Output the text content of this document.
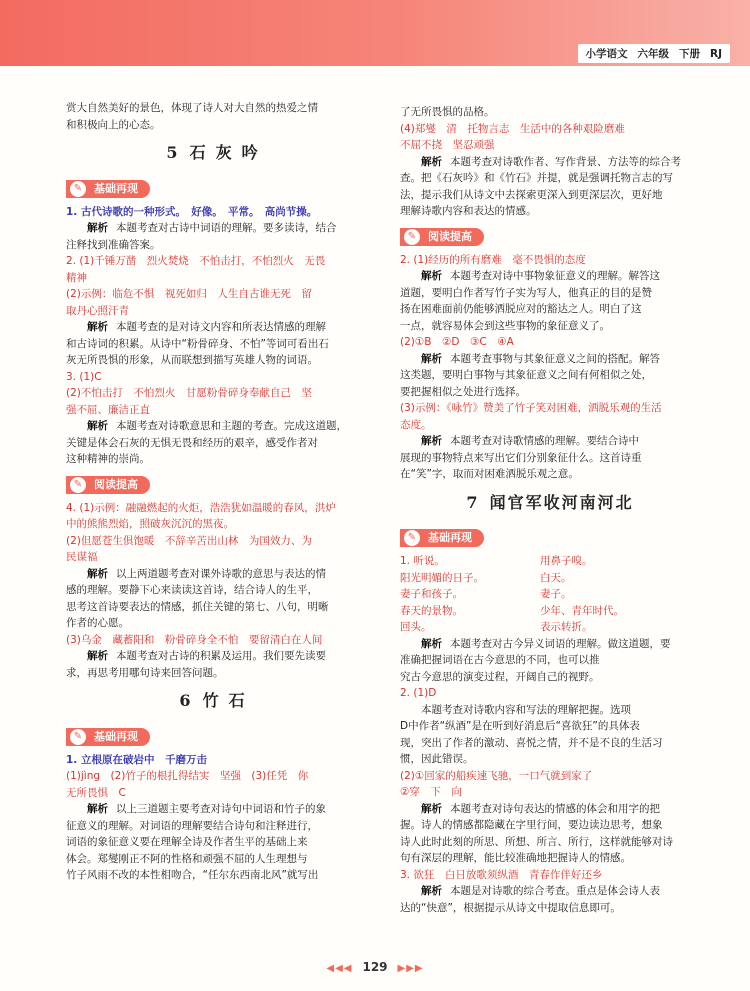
小学语文 六年级 下册 RJ

赏大自然美好的景色，体现了诗人对大自然的热爱之情

和积极向上的心态。

5 石灰吟
✎	基础再现

1. 古代诗歌的一种形式。　好像。　平常。　高尚节操。

解析 本题考查对古诗中词语的理解。要多读诗，结合

注释找到准确答案。

2. (1)千锤万凿　烈火焚烧　不怕击打，不怕烈火　无畏

精神

(2)示例：临危不惧　视死如归　人生自古谁无死　留

取丹心照汗青

解析 本题考查的是对诗文内容和所表达情感的理解

和古诗词的积累。从诗中“粉骨碎身、不怕”等词可看出石

灰无所畏惧的形象，从而联想到描写英雄人物的词语。

3. (1)C

(2)不怕击打　不怕烈火　甘愿粉骨碎身奉献自己　坚

强不屈、廉洁正直

解析 本题考查对诗歌意思和主题的考查。完成这道题，

关键是体会石灰的无惧无畏和经历的艰辛，感受作者对

这种精神的崇尚。

✎	阅读提高

4. (1)示例：融融燃起的火炬，浩浩犹如温暖的春风，洪炉

中的熊熊烈焰，照破灰沉沉的黑夜。

(2)但愿苍生俱饱暖　不辞辛苦出山林　为国效力、为

民谋福

解析 以上两道题考查对课外诗歌的意思与表达的情

感的理解。要静下心来读读这首诗，结合诗人的生平，

思考这首诗要表达的情感，抓住关键的第七、八句，明晰

作者的心愿。

(3)乌金　藏蓄阳和　粉骨碎身全不怕　要留清白在人间

解析 本题考查对古诗的积累及运用。我们要先读要

求，再思考用哪句诗来回答问题。

6 竹石
✎	基础再现

1. 立根原在破岩中　千磨万击

(1)jìng　(2)竹子的根扎得结实　坚强　(3)任凭　你

无所畏惧　C

解析 以上三道题主要考查对诗句中词语和竹子的象

征意义的理解。对词语的理解要结合诗句和注释进行，

词语的象征意义要在理解全诗及作者生平的基础上来

体会。郑燮刚正不阿的性格和顽强不屈的人生理想与

竹子风雨不改的本性相吻合，“任尔东西南北风”就写出

了无所畏惧的品格。

(4)郑燮　清　托物言志　生活中的各种艰险磨难

不屈不挠　坚忍顽强

解析 本题考查对诗歌作者、写作背景、方法等的综合考

查。把《石灰吟》和《竹石》并提，就是强调托物言志的写

法，提示我们从诗文中去探索更深入到更深层次，更好地

理解诗歌内容和表达的情感。

✎	阅读提高

2. (1)经历的所有磨难　毫不畏惧的态度

解析 本题考查对诗中事物象征意义的理解。解答这

道题，要明白作者写竹子实为写人，他真正的目的是赞

扬在困难面前仍能够洒脱应对的豁达之人。明白了这

一点，就容易体会到这些事物的象征意义了。

(2)①B　②D　③C　④A

解析 本题考查事物与其象征意义之间的搭配。解答

这类题，要明白事物与其象征意义之间有何相似之处，

要把握相似之处进行选择。

(3)示例：《咏竹》赞美了竹子笑对困难，洒脱乐观的生活

态度。

解析 本题考查对诗歌情感的理解。要结合诗中

展现的事物特点来写出它们分别象征什么。这首诗重

在“笑”字，取而对困难洒脱乐观之意。

7 闻官军收河南河北
✎	基础再现

1. 听说。	用鼻子嗅。

阳光明媚的日子。	白天。

妻子和孩子。	妻子。

春天的景物。	少年、青年时代。

回头。	表示转折。

解析 本题考查对古今异义词语的理解。做这道题，要

准确把握词语在古今意思的不同，也可以推

究古今意思的演变过程，开阔自己的视野。

2. (1)D

本题考查对诗歌内容和写法的理解把握。选项

D中作者“纵酒”是在听到好消息后“喜欲狂”的具体表

现，突出了作者的激动、喜悦之情，并不是不良的生活习

惯，因此错误。

(2)①回家的船疾速飞驰，一口气就到家了

②穿　下　向

解析 本题考查对诗句表达的情感的体会和用字的把

握。诗人的情感都隐藏在字里行间，要边读边思考，想象

诗人此时此刻的所思、所想、所言、所行，这样就能够对诗

句有深层的理解，能比较准确地把握诗人的情感。

3. 欲狂　白日放歌须纵酒　青春作伴好还乡

解析 本题是对诗歌的综合考查。重点是体会诗人表

达的“快意”，根据提示从诗文中提取信息即可。

◀◀◀ 129 ▶▶▶
